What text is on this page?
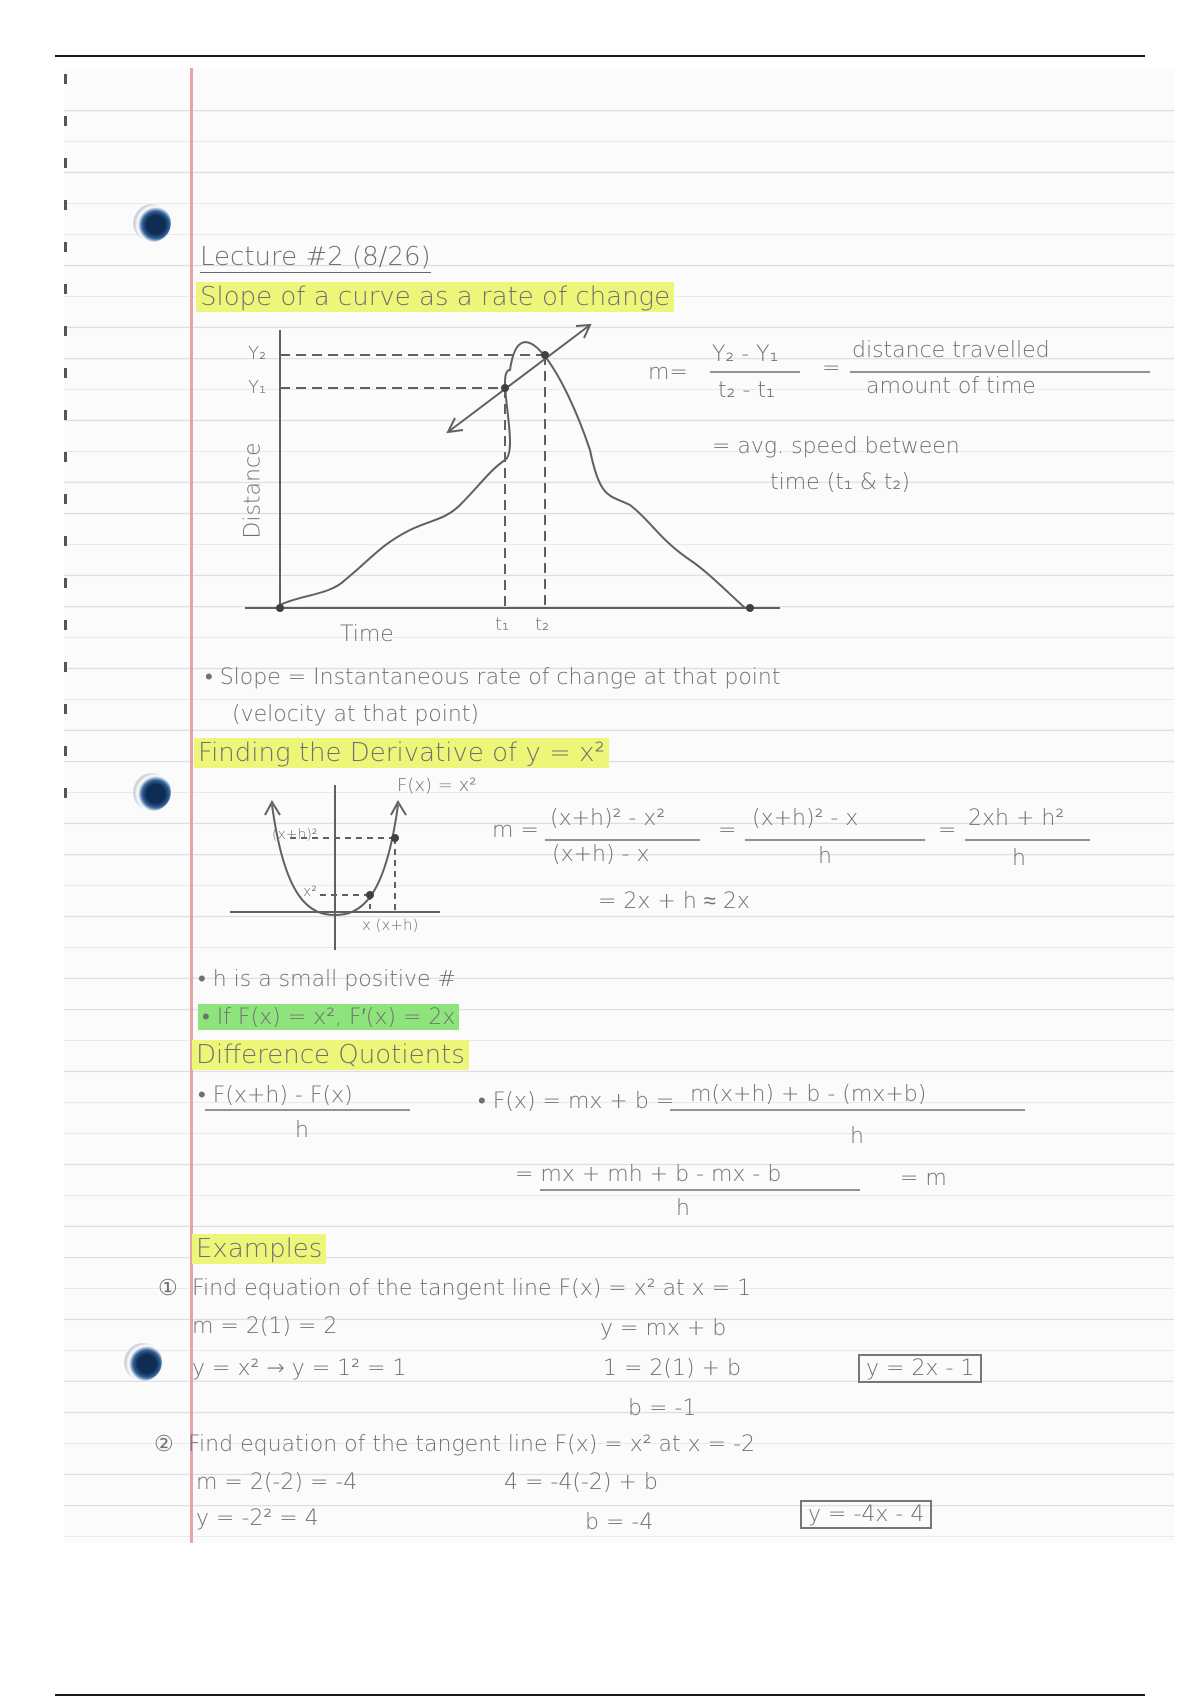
Lecture #2 (8/26)
Slope of a curve as a rate of change
Y₂
Y₁
Distance
Time	t₁ t₂
m=
Y₂ - Y₁
t₂ - t₁
=
distance travelled
amount of time
= avg. speed between
time (t₁ & t₂)
• Slope = Instantaneous rate of change at that point
(velocity at that point)
Finding the Derivative of y = x²
F(x) = x²
(x+h)²
x²
x (x+h)
m = (x+h)² - x²
(x+h) - x
= (x+h)² - x
h
= 2xh + h²
h
= 2x + h ≈ 2x
• h is a small positive #
• If F(x) = x², F′(x) = 2x
Difference Quotients
• F(x+h) - F(x)
h
• F(x) = mx + b = m(x+h) + b - (mx+b)
h
= mx + mh + b - mx - b
h
= m
Examples
① Find equation of the tangent line F(x) = x² at x = 1
m = 2(1) = 2
y = x² → y = 1² = 1
y = mx + b
1 = 2(1) + b
b = -1
y = 2x - 1
② Find equation of the tangent line F(x) = x² at x = -2
m = 2(-2) = -4
y = -2² = 4
4 = -4(-2) + b
b = -4	y = -4x - 4
